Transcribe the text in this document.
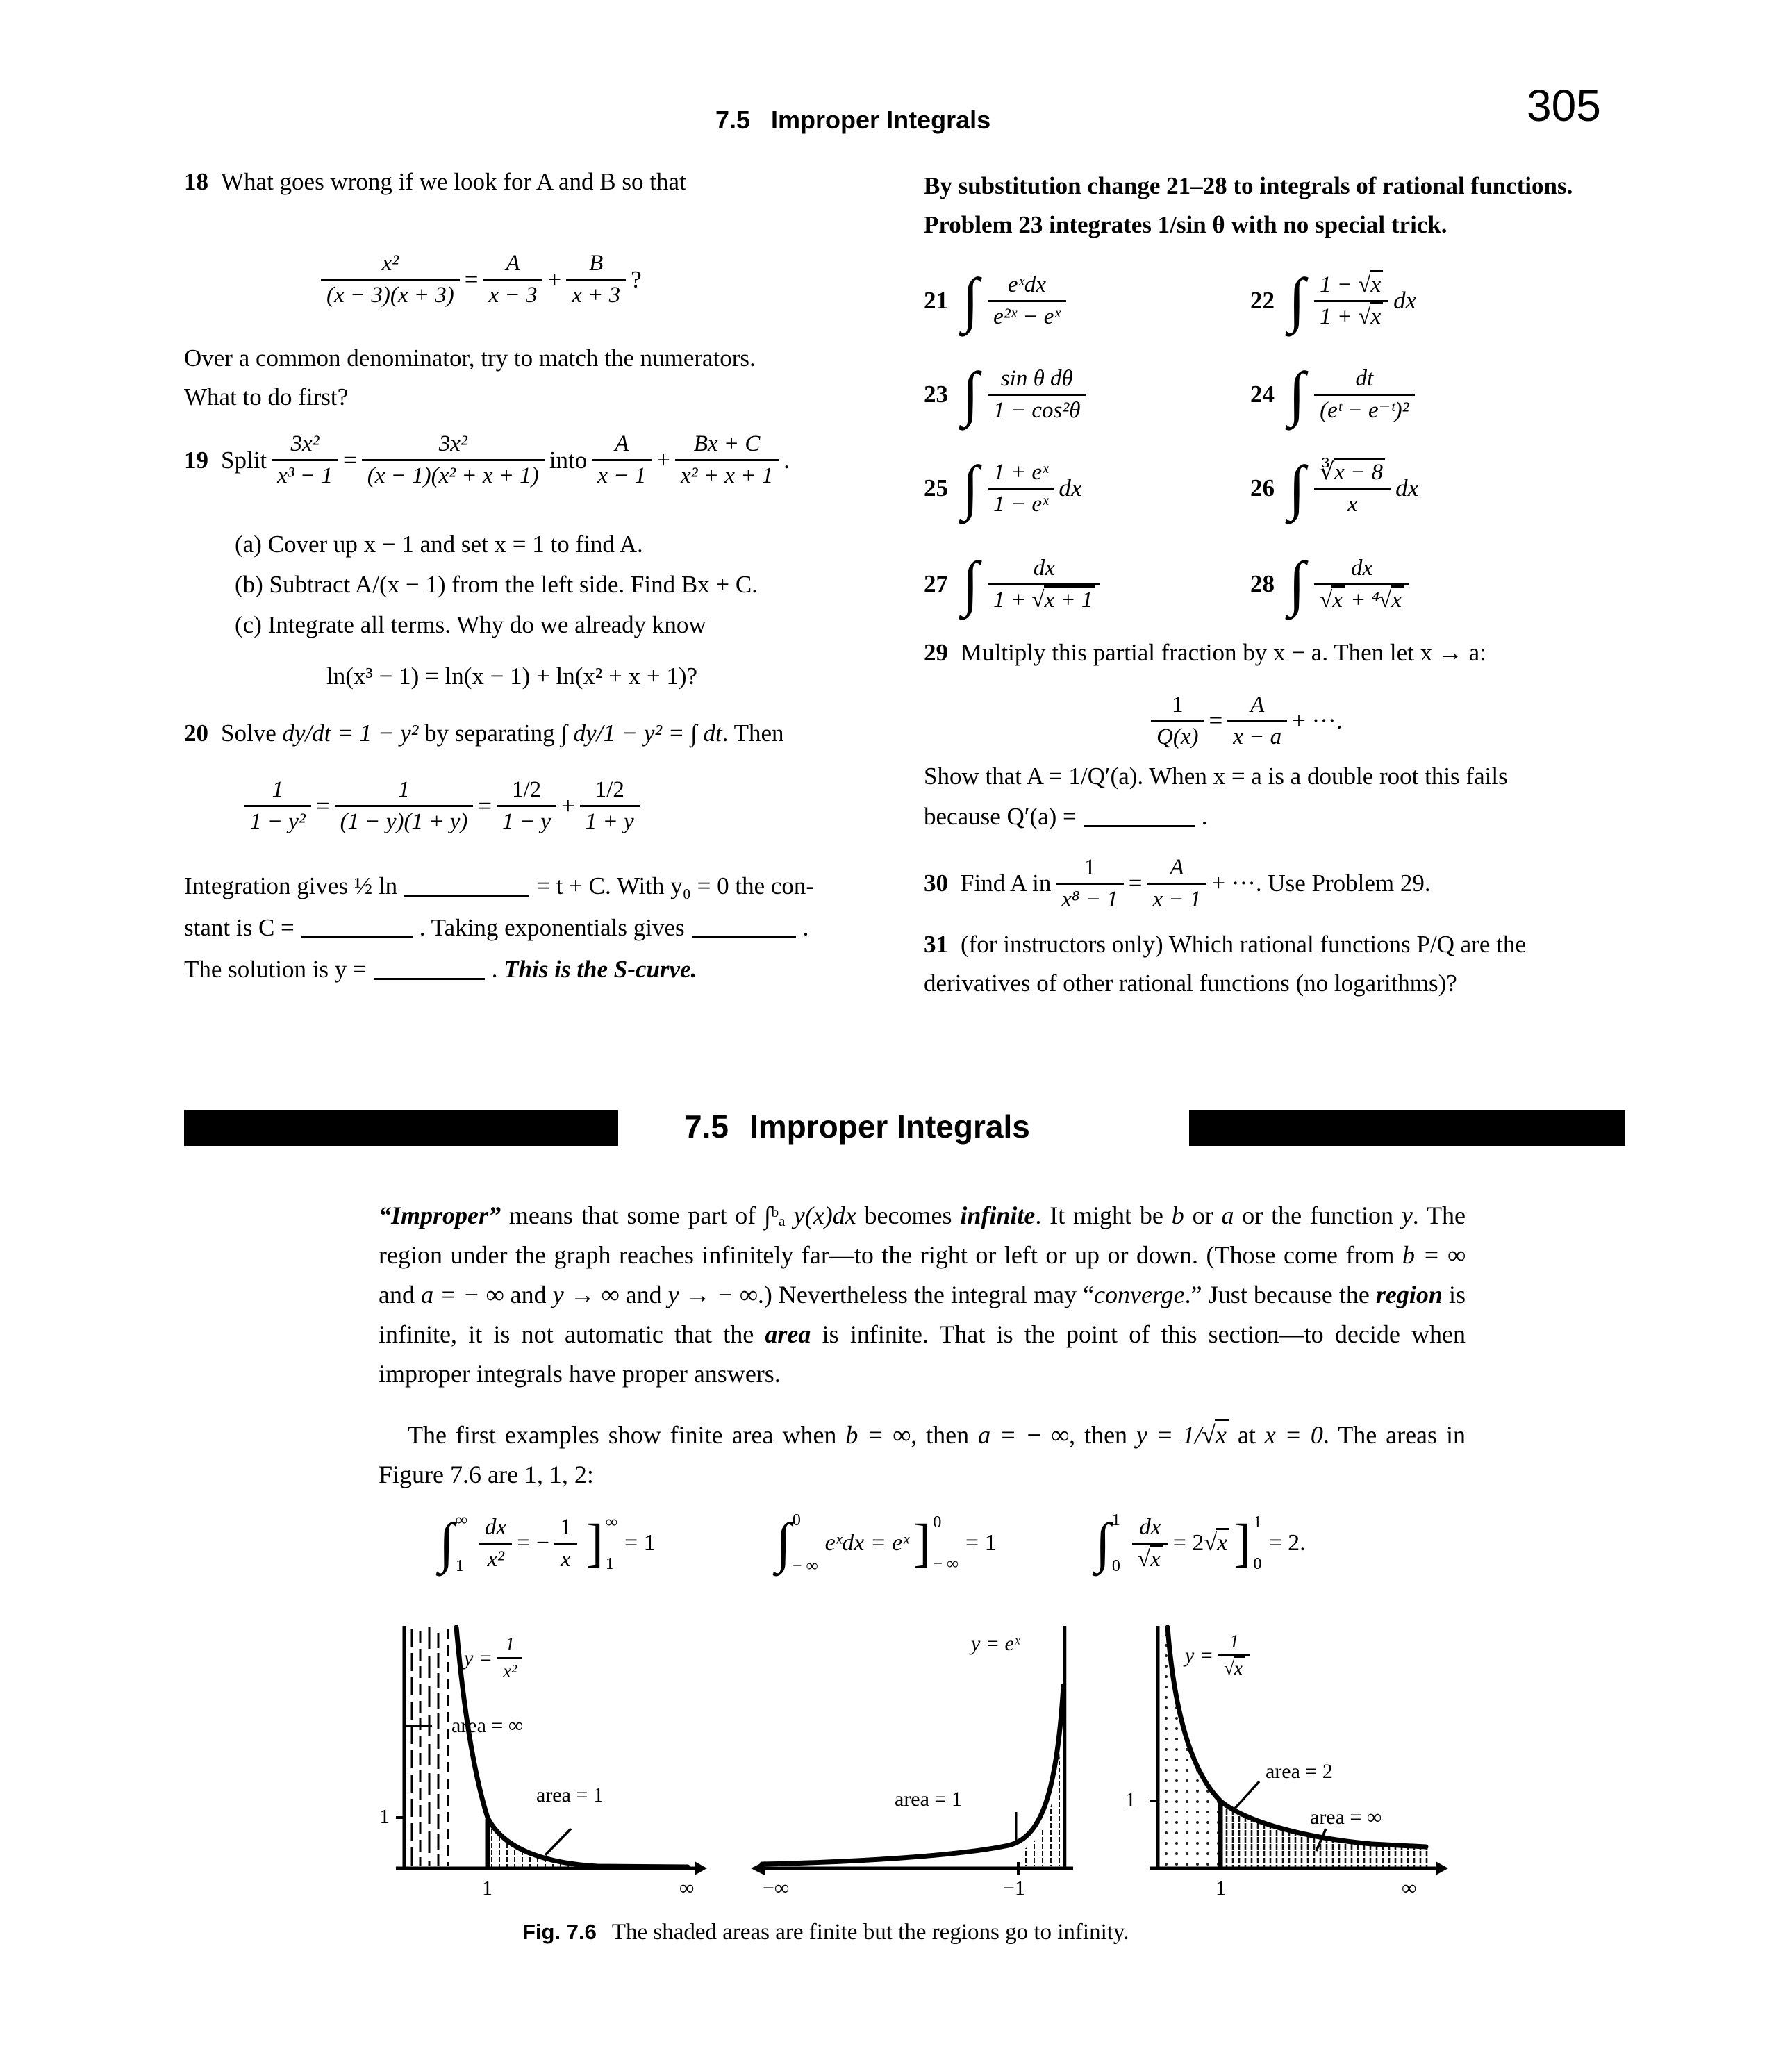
7.5 Improper Integrals	305
18 What goes wrong if we look for A and B so that
$\frac{\text{x²}}{(x - 3)(x + 3)} = \frac{A}{x - 3} + \frac{B}{x + 3}$ ?
Over a common denominator, try to match the numerators.
What to do first?
19 Split $\frac{\text{3x²}}{\text{x³ − 1}} = \frac{\text{3x²}}{\text{(x − 1)(x² + x + 1)}}$ into $\frac{A}{x - 1} + \frac{Bx + C}{\text{x² + x + 1}}$ .
(a) Cover up x − 1 and set x = 1 to find A.
(b) Subtract A/(x − 1) from the left side. Find Bx + C.
(c) Integrate all terms. Why do we already know
ln(x³ − 1) = ln(x − 1) + ln(x² + x + 1)?
20 Solve dy/dt = 1 − y² by separating ∫ dy/1 − y² = ∫ dt. Then
$\frac{1}{\text{1 − y²}} = \frac{1}{(1 - y)(1 + y)} = \frac{1/2}{1 - y} + \frac{1/2}{1 + y}$
Integration gives ½ ln	= t + C. With y₀ = 0 the con-
stant is C =	. Taking exponentials gives	.
The solution is y =	. This is the S-curve.
By substitution change 21–28 to integrals of rational functions.
Problem 23 integrates 1/sin θ with no special trick.
21 ∫ $\frac{\text{eˣdx}}{\text{e²ˣ − eˣ}}$	22 ∫ $\frac{1 - √x}{1 + √x}$ dx
23 ∫ $\frac{\text{sin θ dθ}}{\text{1 − cos²θ}}$	24 ∫ $\frac{dt}{\text{(eᵗ − e⁻ᵗ)²}}$
25 ∫ $\frac{\text{1 + eˣ}}{\text{1 − eˣ}}$ dx	26 ∫ $\frac{∛x - 8}{x}$ dx
27 ∫ $\frac{dx}{1 + √x + 1}$	28 ∫ $\frac{dx}{\text{√x + ⁴√x}}$
29 Multiply this partial fraction by x − a. Then let x → a:
$\frac{1}{Q(x)} = \frac{A}{x - a}$ + ···.
Show that A = 1/Q′(a). When x = a is a double root this fails
because Q′(a) =	.
30 Find A in $\frac{1}{\text{x⁸ − 1}} = \frac{A}{x - 1}$ + ···. Use Problem 29.
31 (for instructors only) Which rational functions P/Q are the
derivatives of other rational functions (no logarithms)?
7.5 Improper Integrals
“Improper” means that some part of ∫ᵇₐ y(x)dx becomes infinite. It might be b or a or the function y. The region under the graph reaches infinitely far—to the right or left or up or down. (Those come from b = ∞ and a = − ∞ and y → ∞ and y → − ∞.) Nevertheless the integral may “converge.” Just because the region is infinite, it is not automatic that the area is infinite. That is the point of this section—to decide when improper integrals have proper answers.
The first examples show finite area when b = ∞, then a = − ∞, then y = 1/√x at x = 0. The areas in Figure 7.6 are 1, 1, 2:
∫ ∞
$1 \frac{dx}{\text{x²}}$ = − $\frac{1}{x}$ ] ∞
1
= 1 ∫ 0
− ∞
eˣdx = eˣ ] 0
− ∞
= 1 ∫ 1
$0 \frac{dx}{√x} = 2$ √x ] 1
0
= 2.
$y = \frac{1}{\text{x²}}$
area = ∞
area = 1
1
1	∞
y = eˣ
area = 1
−∞	−1
$y = \frac{1}{√x}$
area = 2
area = ∞
1
1	∞
Fig. 7.6 The shaded areas are finite but the regions go to infinity.
